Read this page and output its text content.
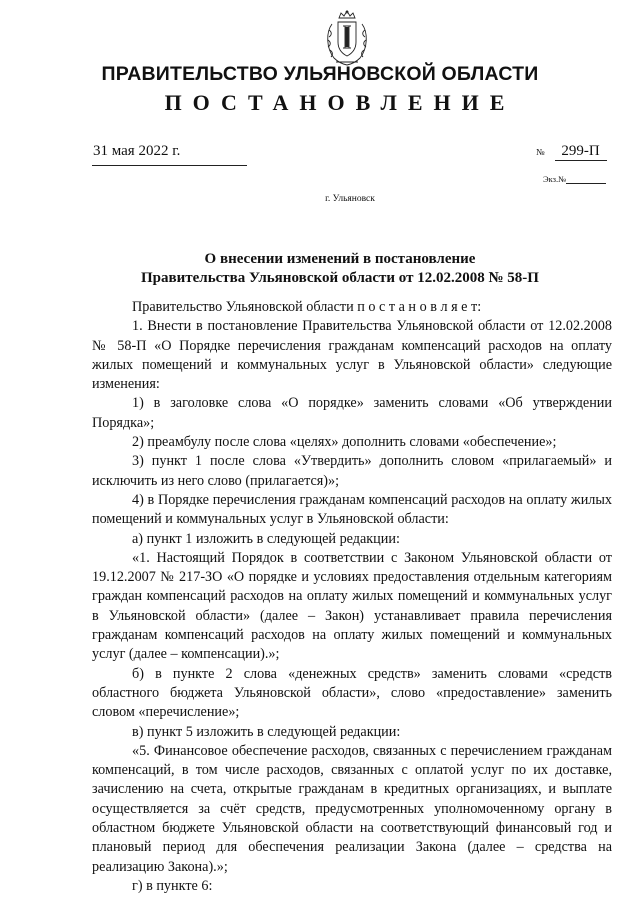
ПРАВИТЕЛЬСТВО УЛЬЯНОВСКОЙ ОБЛАСТИ
ПОСТАНОВЛЕНИЕ
31 мая 2022 г.	№ 299-П
Экз.№
г. Ульяновск
О внесении изменений в постановление
Правительства Ульяновской области от 12.02.2008 № 58-П

Правительство Ульяновской области п о с т а н о в л я е т:

1. Внести в постановление Правительства Ульяновской области от 12.02.2008 № 58-П «О Порядке перечисления гражданам компенсаций расходов на оплату жилых помещений и коммунальных услуг в Ульяновской области» следующие изменения:

1) в заголовке слова «О порядке» заменить словами «Об утверждении Порядка»;

2) преамбулу после слова «целях» дополнить словами «обеспечение»;

3) пункт 1 после слова «Утвердить» дополнить словом «прилагаемый» и исключить из него слово (прилагается)»;

4) в Порядке перечисления гражданам компенсаций расходов на оплату жилых помещений и коммунальных услуг в Ульяновской области:

а) пункт 1 изложить в следующей редакции:

«1. Настоящий Порядок в соответствии с Законом Ульяновской области от 19.12.2007 № 217-ЗО «О порядке и условиях предоставления отдельным категориям граждан компенсаций расходов на оплату жилых помещений и коммунальных услуг в Ульяновской области» (далее – Закон) устанавливает правила перечисления гражданам компенсаций расходов на оплату жилых помещений и коммунальных услуг (далее – компенсации).»;

б) в пункте 2 слова «денежных средств» заменить словами «средств областного бюджета Ульяновской области», слово «предоставление» заменить словом «перечисление»;

в) пункт 5 изложить в следующей редакции:

«5. Финансовое обеспечение расходов, связанных с перечислением гражданам компенсаций, в том числе расходов, связанных с оплатой услуг по их доставке, зачислению на счета, открытые гражданам в кредитных организациях, и выплате осуществляется за счёт средств, предусмотренных уполномоченному органу в областном бюджете Ульяновской области на соответствующий финансовый год и плановый период для обеспечения реализации Закона (далее – средства на реализацию Закона).»;

г) в пункте 6:
